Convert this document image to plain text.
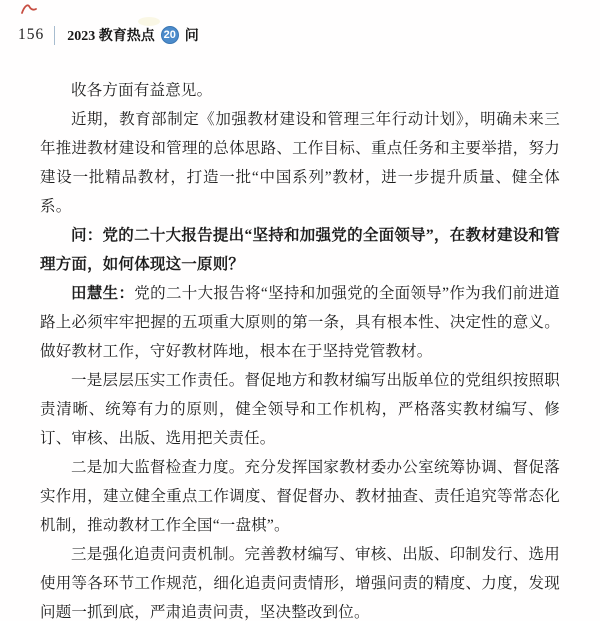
156 2023 教育热点 20 问

收各方面有益意见。

近期，教育部制定《加强教材建设和管理三年行动计划》，明确未来三年推进教材建设和管理的总体思路、工作目标、重点任务和主要举措，努力建设一批精品教材，打造一批“中国系列”教材，进一步提升质量、健全体系。

问：党的二十大报告提出“坚持和加强党的全面领导”，在教材建设和管理方面，如何体现这一原则？

田慧生：党的二十大报告将“坚持和加强党的全面领导”作为我们前进道路上必须牢牢把握的五项重大原则的第一条，具有根本性、决定性的意义。做好教材工作，守好教材阵地，根本在于坚持党管教材。

一是层层压实工作责任。督促地方和教材编写出版单位的党组织按照职责清晰、统筹有力的原则，健全领导和工作机构，严格落实教材编写、修订、审核、出版、选用把关责任。

二是加大监督检查力度。充分发挥国家教材委办公室统筹协调、督促落实作用，建立健全重点工作调度、督促督办、教材抽查、责任追究等常态化机制，推动教材工作全国“一盘棋”。

三是强化追责问责机制。完善教材编写、审核、出版、印制发行、选用使用等各环节工作规范，细化追责问责情形，增强问责的精度、力度，发现问题一抓到底，严肃追责问责，坚决整改到位。
